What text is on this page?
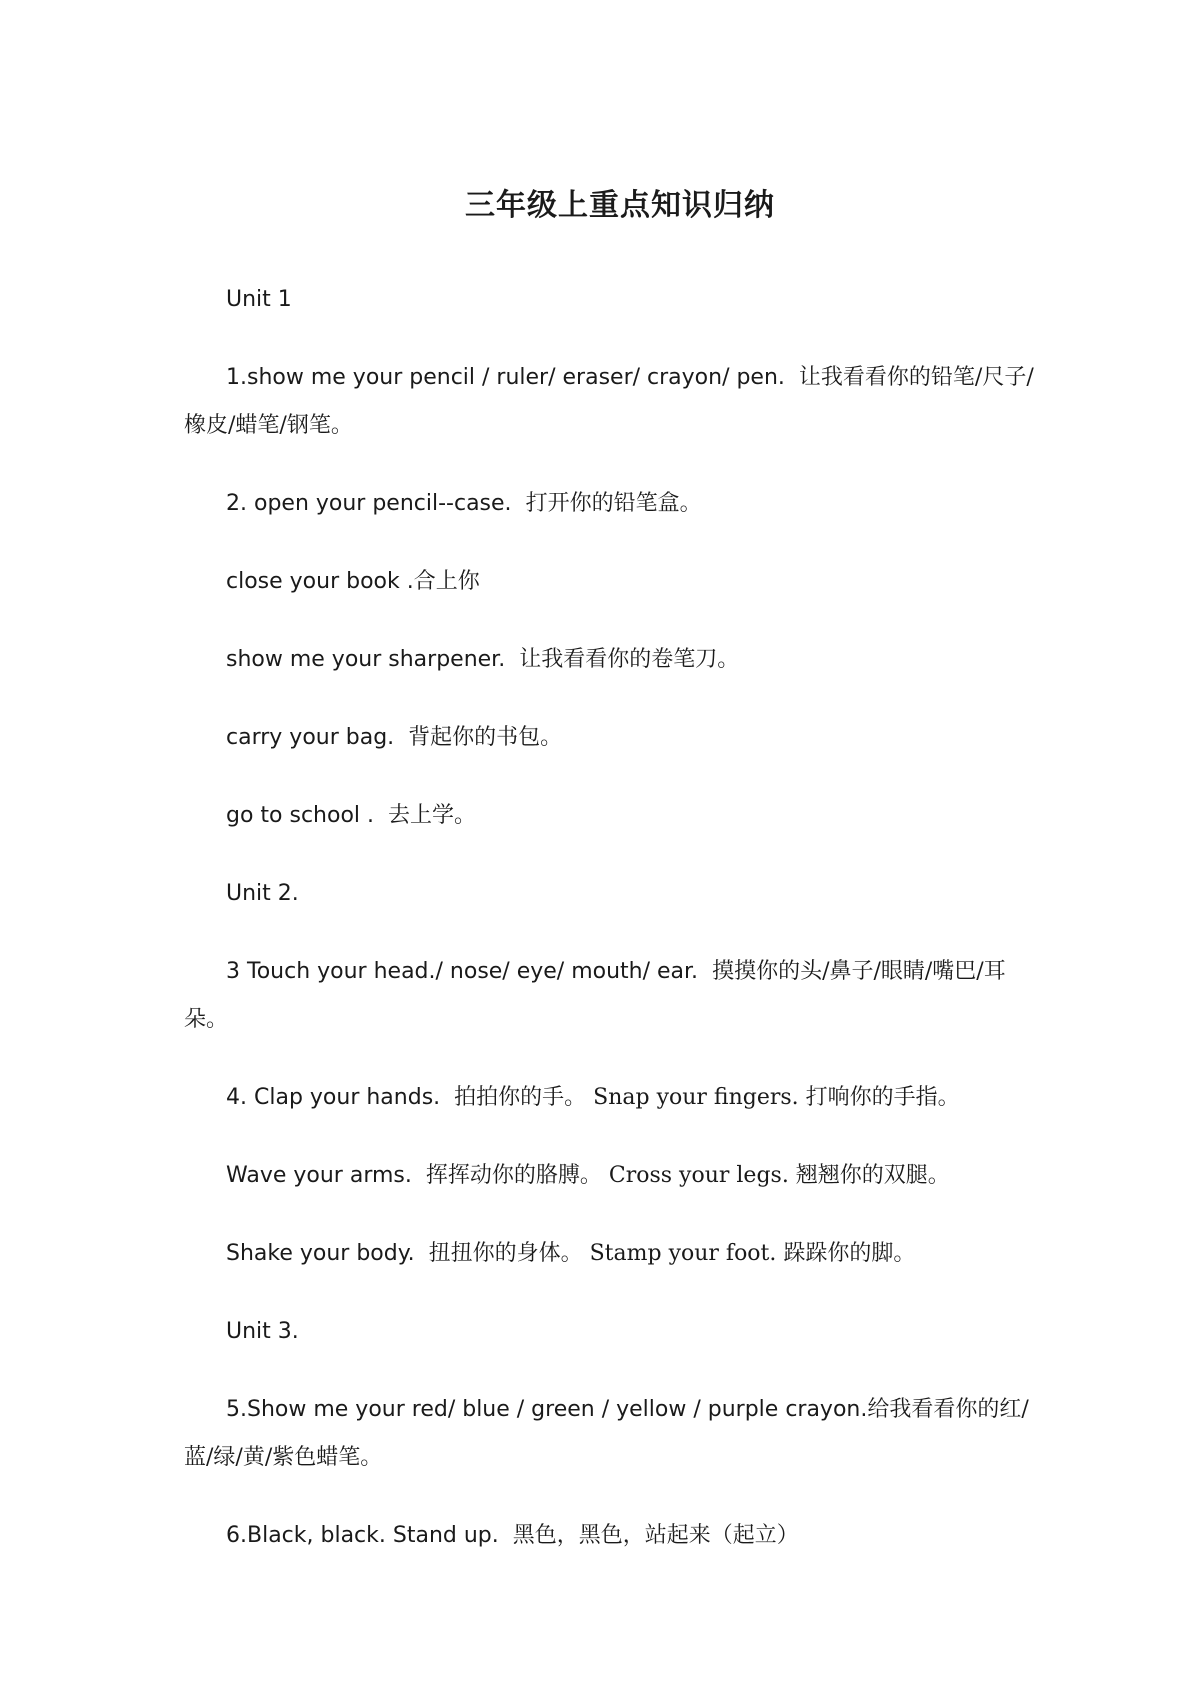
三年级上重点知识归纳

Unit 1

1.show me your pencil / ruler/ eraser/ crayon/ pen. 让我看看你的铅笔/尺子/橡皮/蜡笔/钢笔。

2. open your pencil--case. 打开你的铅笔盒。

close your book .合上你

show me your sharpener. 让我看看你的卷笔刀。

carry your bag. 背起你的书包。

go to school . 去上学。

Unit 2.

3 Touch your head./ nose/ eye/ mouth/ ear. 摸摸你的头/鼻子/眼睛/嘴巴/耳朵。

4. Clap your hands. 拍拍你的手。 Snap your fingers. 打响你的手指。

Wave your arms. 挥挥动你的胳膊。 Cross your legs. 翘翘你的双腿。

Shake your body. 扭扭你的身体。 Stamp your foot. 跺跺你的脚。

Unit 3.

5.Show me your red/ blue / green / yellow / purple crayon.给我看看你的红/蓝/绿/黄/紫色蜡笔。

6.Black, black. Stand up. 黑色，黑色，站起来（起立）
